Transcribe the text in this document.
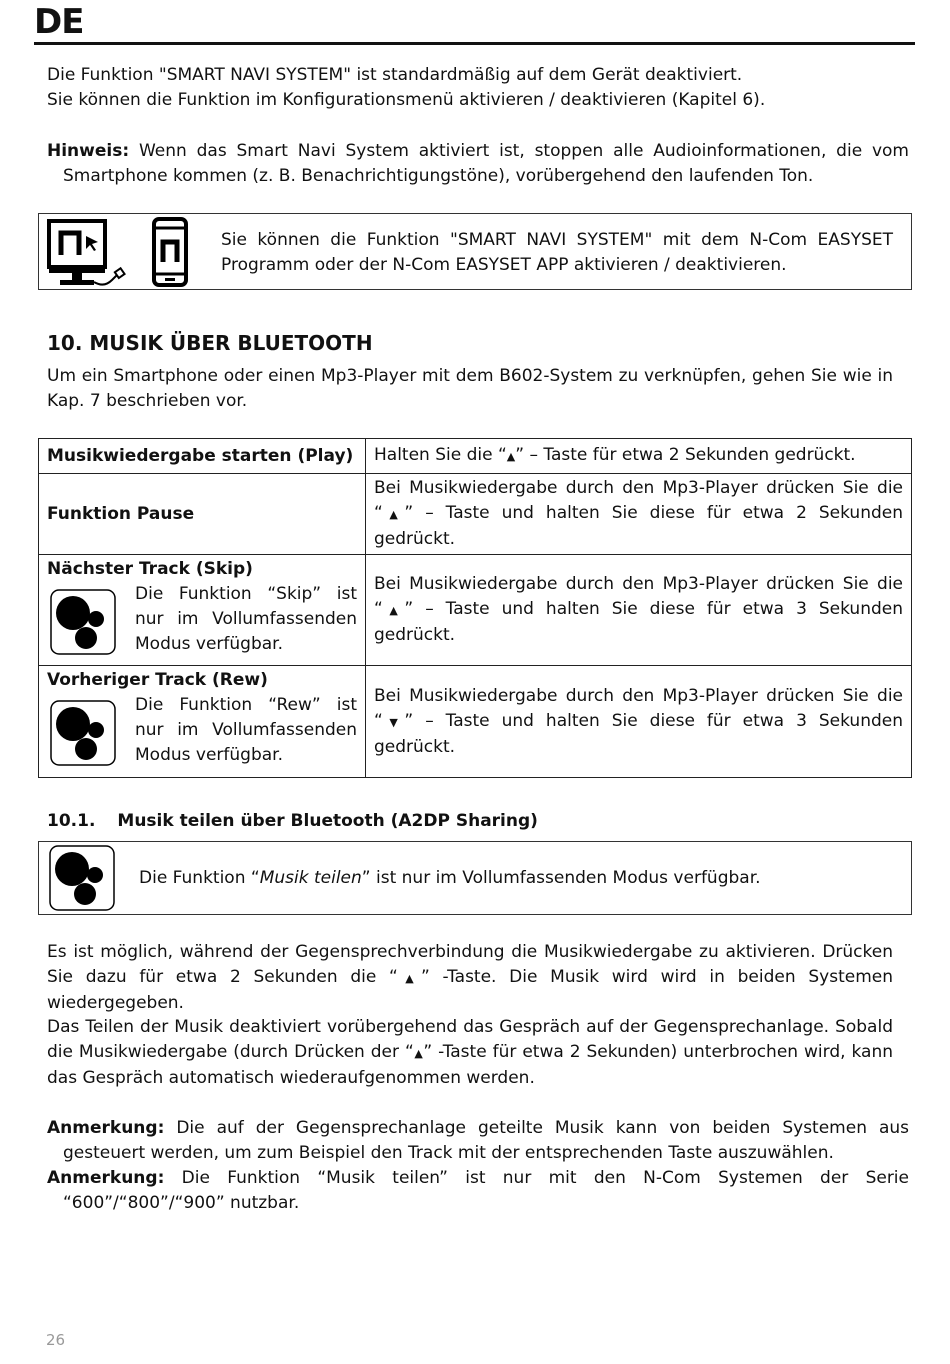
DE

Die Funktion "SMART NAVI SYSTEM" ist standardmäßig auf dem Gerät deaktiviert.
Sie können die Funktion im Konfigurationsmenü aktivieren / deaktivieren (Kapitel 6).

Hinweis: Wenn das Smart Navi System aktiviert ist, stoppen alle Audioinformationen, die vom Smartphone kommen (z. B. Benachrichtigungstöne), vorübergehend den laufenden Ton.

Sie können die Funktion "SMART NAVI SYSTEM" mit dem N-Com EASYSET Programm oder der N-Com EASYSET APP aktivieren / deaktivieren.
10. MUSIK ÜBER BLUETOOTH

Um ein Smartphone oder einen Mp3-Player mit dem B602-System zu verknüpfen, gehen Sie wie in Kap. 7 beschrieben vor.

Musikwiedergabe starten (Play)	Halten Sie die “▲” – Taste für etwa 2 Sekunden gedrückt.
Funktion Pause	Bei Musikwiedergabe durch den Mp3-Player drücken Sie die “▲” – Taste und halten Sie diese für etwa 2 Sekunden gedrückt.

Nächster Track (Skip)
Die Funktion “Skip” ist nur im Vollumfassenden Modus verfügbar.	Bei Musikwiedergabe durch den Mp3-Player drücken Sie die “▲” – Taste und halten Sie diese für etwa 3 Sekunden gedrückt.

Vorheriger Track (Rew)
Die Funktion “Rew” ist nur im Vollumfassenden Modus verfügbar.	Bei Musikwiedergabe durch den Mp3-Player drücken Sie die “▼” – Taste und halten Sie diese für etwa 3 Sekunden gedrückt.
10.1. Musik teilen über Bluetooth (A2DP Sharing)
Die Funktion “Musik teilen” ist nur im Vollumfassenden Modus verfügbar.

Es ist möglich, während der Gegensprechverbindung die Musikwiedergabe zu aktivieren. Drücken Sie dazu für etwa 2 Sekunden die “▲” -Taste. Die Musik wird wird in beiden Systemen wiedergegeben.

Das Teilen der Musik deaktiviert vorübergehend das Gespräch auf der Gegensprechanlage. Sobald die Musikwiedergabe (durch Drücken der “▲” -Taste für etwa 2 Sekunden) unterbrochen wird, kann das Gespräch automatisch wiederaufgenommen werden.

Anmerkung: Die auf der Gegensprechanlage geteilte Musik kann von beiden Systemen aus gesteuert werden, um zum Beispiel den Track mit der entsprechenden Taste auszuwählen.

Anmerkung: Die Funktion “Musik teilen” ist nur mit den N-Com Systemen der Serie “600”/“800”/“900” nutzbar.

26
